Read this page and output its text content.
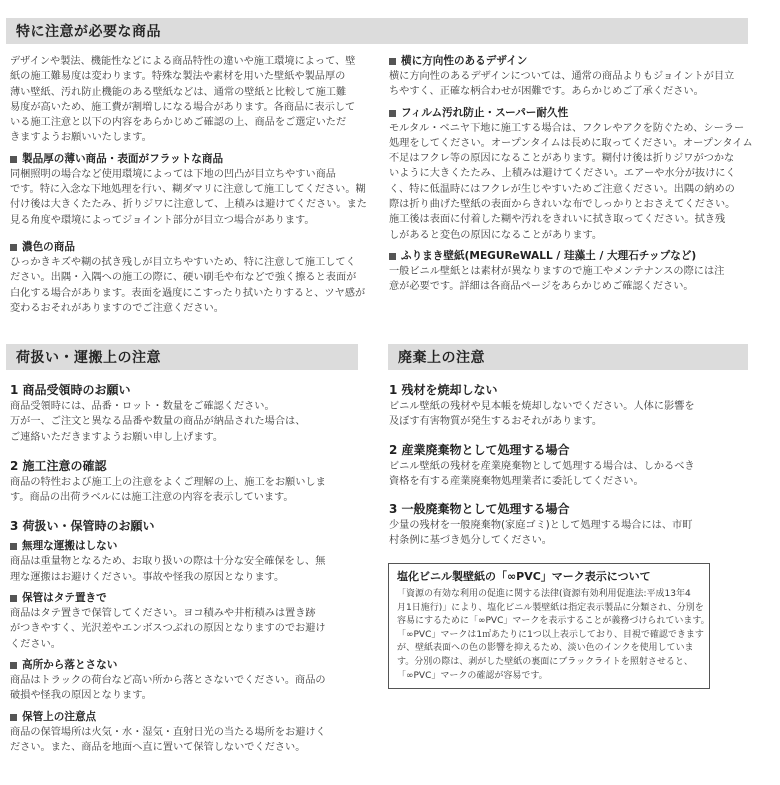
特に注意が必要な商品

デザインや製法、機能性などによる商品特性の違いや施工環境によって、壁

紙の施工難易度は変わります。特殊な製法や素材を用いた壁紙や製品厚の

薄い壁紙、汚れ防止機能のある壁紙などは、通常の壁紙と比較して施工難

易度が高いため、施工費が割増しになる場合があります。各商品に表示して

いる施工注意と以下の内容をあらかじめご確認の上、商品をご選定いただ

きますようお願いいたします。

製品厚の薄い商品・表面がフラットな商品

同梱照明の場合など使用環境によっては下地の凹凸が目立ちやすい商品

です。特に入念な下地処理を行い、糊ダマリに注意して施工してください。糊

付け後は大きくたたみ、折りジワに注意して、上積みは避けてください。また

見る角度や環境によってジョイント部分が目立つ場合があります。

濃色の商品

ひっかきキズや糊の拭き残しが目立ちやすいため、特に注意して施工してく

ださい。出隅・入隅への施工の際に、硬い刷毛や布などで強く擦ると表面が

白化する場合があります。表面を過度にこすったり拭いたりすると、ツヤ感が

変わるおそれがありますのでご注意ください。

横に方向性のあるデザイン

横に方向性のあるデザインについては、通常の商品よりもジョイントが目立

ちやすく、正確な柄合わせが困難です。あらかじめご了承ください。

フィルム汚れ防止・スーパー耐久性

モルタル・ベニヤ下地に施工する場合は、フクレやアクを防ぐため、シーラー

処理をしてください。オープンタイムは長めに取ってください。オープンタイム

不足はフクレ等の原因になることがあります。糊付け後は折りジワがつかな

いように大きくたたみ、上積みは避けてください。エアーや水分が抜けにく

く、特に低温時にはフクレが生じやすいためご注意ください。出隅の納めの

際は折り曲げた壁紙の表面からきれいな布でしっかりとおさえてください。

施工後は表面に付着した糊や汚れをきれいに拭き取ってください。拭き残

しがあると変色の原因になることがあります。

ふりまき壁紙(MEGUReWALL / 珪藻土 / 大理石チップなど)

一般ビニル壁紙とは素材が異なりますので施工やメンテナンスの際には注

意が必要です。詳細は各商品ページをあらかじめご確認ください。

荷扱い・運搬上の注意	廃棄上の注意

1 商品受領時のお願い

商品受領時には、品番・ロット・数量をご確認ください。

万が一、ご注文と異なる品番や数量の商品が納品された場合は、

ご連絡いただきますようお願い申し上げます。

2 施工注意の確認

商品の特性および施工上の注意をよくご理解の上、施工をお願いしま

す。商品の出荷ラベルには施工注意の内容を表示しています。

3 荷扱い・保管時のお願い

無理な運搬はしない

商品は重量物となるため、お取り扱いの際は十分な安全確保をし、無

理な運搬はお避けください。事故や怪我の原因となります。

保管はタテ置きで

商品はタテ置きで保管してください。ヨコ積みや井桁積みは置き跡

がつきやすく、光沢差やエンボスつぶれの原因となりますのでお避け

ください。

高所から落とさない

商品はトラックの荷台など高い所から落とさないでください。商品の

破損や怪我の原因となります。

保管上の注意点

商品の保管場所は火気・水・湿気・直射日光の当たる場所をお避けく

ださい。また、商品を地面へ直に置いて保管しないでください。

1 残材を焼却しない

ビニル壁紙の残材や見本帳を焼却しないでください。人体に影響を

及ぼす有害物質が発生するおそれがあります。

2 産業廃棄物として処理する場合

ビニル壁紙の残材を産業廃棄物として処理する場合は、しかるべき

資格を有する産業廃棄物処理業者に委託してください。

3 一般廃棄物として処理する場合

少量の残材を一般廃棄物(家庭ゴミ)として処理する場合には、市町

村条例に基づき処分してください。

塩化ビニル製壁紙の「∞PVC」マーク表示について

「資源の有効な利用の促進に関する法律(資源有効利用促進法:平成13年4

月1日施行)」により、塩化ビニル製壁紙は指定表示製品に分類され、分別を

容易にするために「∞PVC」マークを表示することが義務づけられています。

「∞PVC」マークは1㎡あたりに1つ以上表示しており、目視で確認できます

が、壁紙表面への色の影響を抑えるため、淡い色のインクを使用していま

す。分別の際は、剥がした壁紙の裏面にブラックライトを照射させると、

「∞PVC」マークの確認が容易です。
